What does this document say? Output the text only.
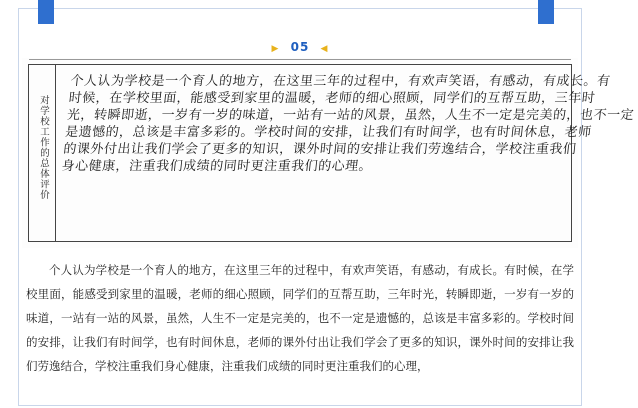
▶ 05 ◀
对学校工作的总体评价
个人认为学校是一个育人的地方，在这里三年的过程中，有欢声笑语，有感动，有成长。有
时候，在学校里面，能感受到家里的温暖，老师的细心照顾，同学们的互帮互助，三年时
光，转瞬即逝，一岁有一岁的味道，一站有一站的风景，虽然，人生不一定是完美的，也不一定
是遗憾的，总该是丰富多彩的。学校时间的安排，让我们有时间学，也有时间休息，老师
的课外付出让我们学会了更多的知识，课外时间的安排让我们劳逸结合，学校注重我们
身心健康，注重我们成绩的同时更注重我们的心理。

个人认为学校是一个育人的地方，在这里三年的过程中，有欢声笑语，有感动，有成长。有时候，在学校里面，能感受到家里的温暖，老师的细心照顾，同学们的互帮互助，三年时光，转瞬即逝，一岁有一岁的味道，一站有一站的风景，虽然，人生不一定是完美的，也不一定是遗憾的，总该是丰富多彩的。学校时间的安排，让我们有时间学，也有时间休息，老师的课外付出让我们学会了更多的知识，课外时间的安排让我们劳逸结合，学校注重我们身心健康，注重我们成绩的同时更注重我们的心理，
